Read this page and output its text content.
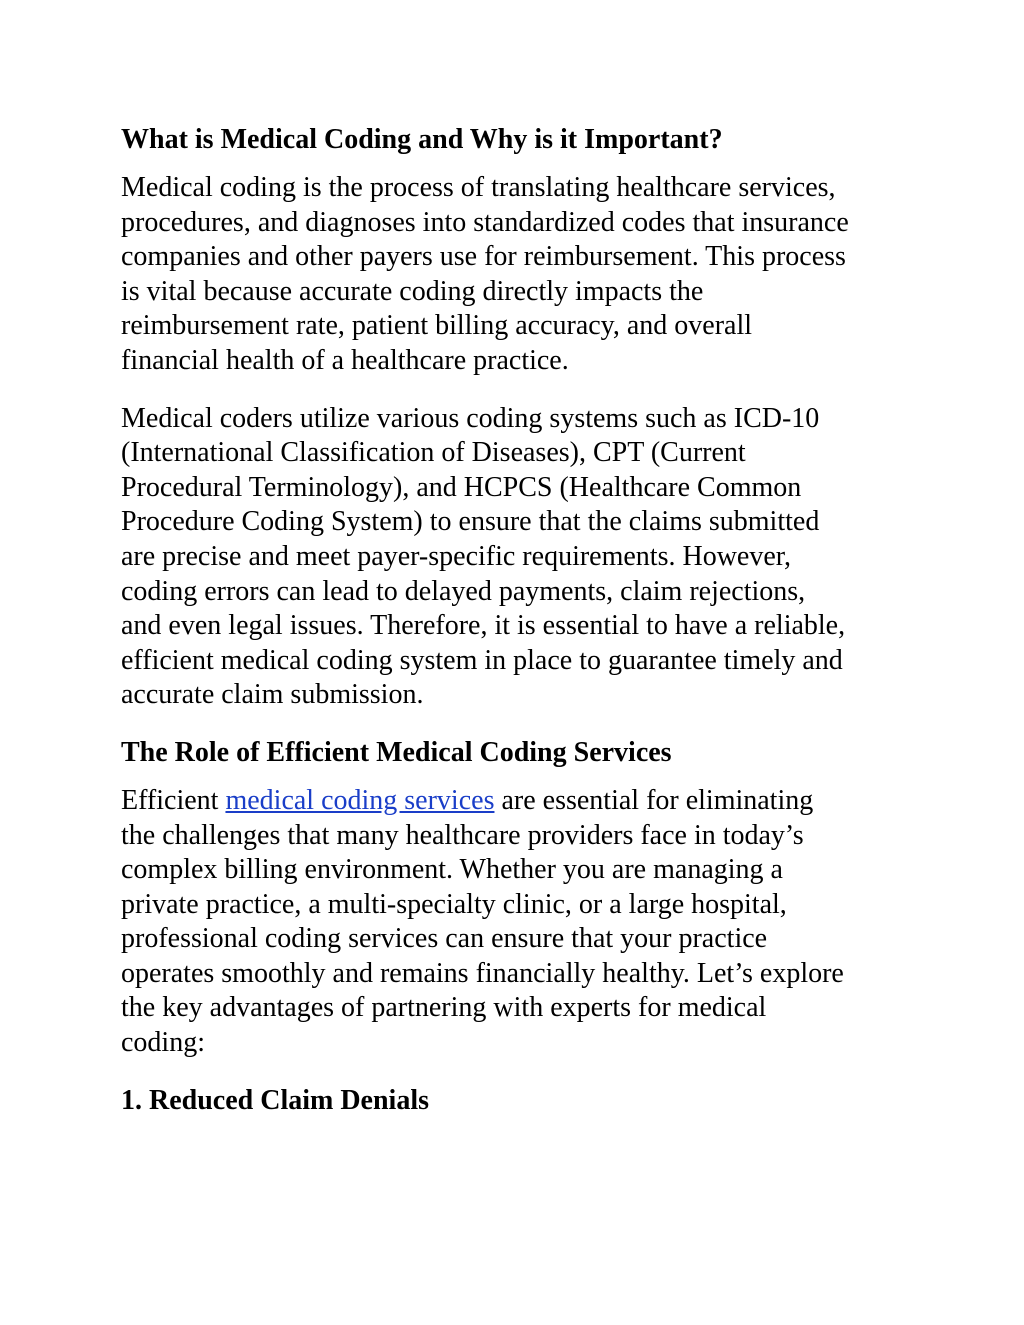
What is Medical Coding and Why is it Important?

Medical coding is the process of translating healthcare services,
procedures, and diagnoses into standardized codes that insurance
companies and other payers use for reimbursement. This process
is vital because accurate coding directly impacts the
reimbursement rate, patient billing accuracy, and overall
financial health of a healthcare practice.

Medical coders utilize various coding systems such as ICD-10
(International Classification of Diseases), CPT (Current
Procedural Terminology), and HCPCS (Healthcare Common
Procedure Coding System) to ensure that the claims submitted
are precise and meet payer-specific requirements. However,
coding errors can lead to delayed payments, claim rejections,
and even legal issues. Therefore, it is essential to have a reliable,
efficient medical coding system in place to guarantee timely and
accurate claim submission.

The Role of Efficient Medical Coding Services

Efficient medical coding services are essential for eliminating
the challenges that many healthcare providers face in today’s
complex billing environment. Whether you are managing a
private practice, a multi-specialty clinic, or a large hospital,
professional coding services can ensure that your practice
operates smoothly and remains financially healthy. Let’s explore
the key advantages of partnering with experts for medical
coding:

1. Reduced Claim Denials
